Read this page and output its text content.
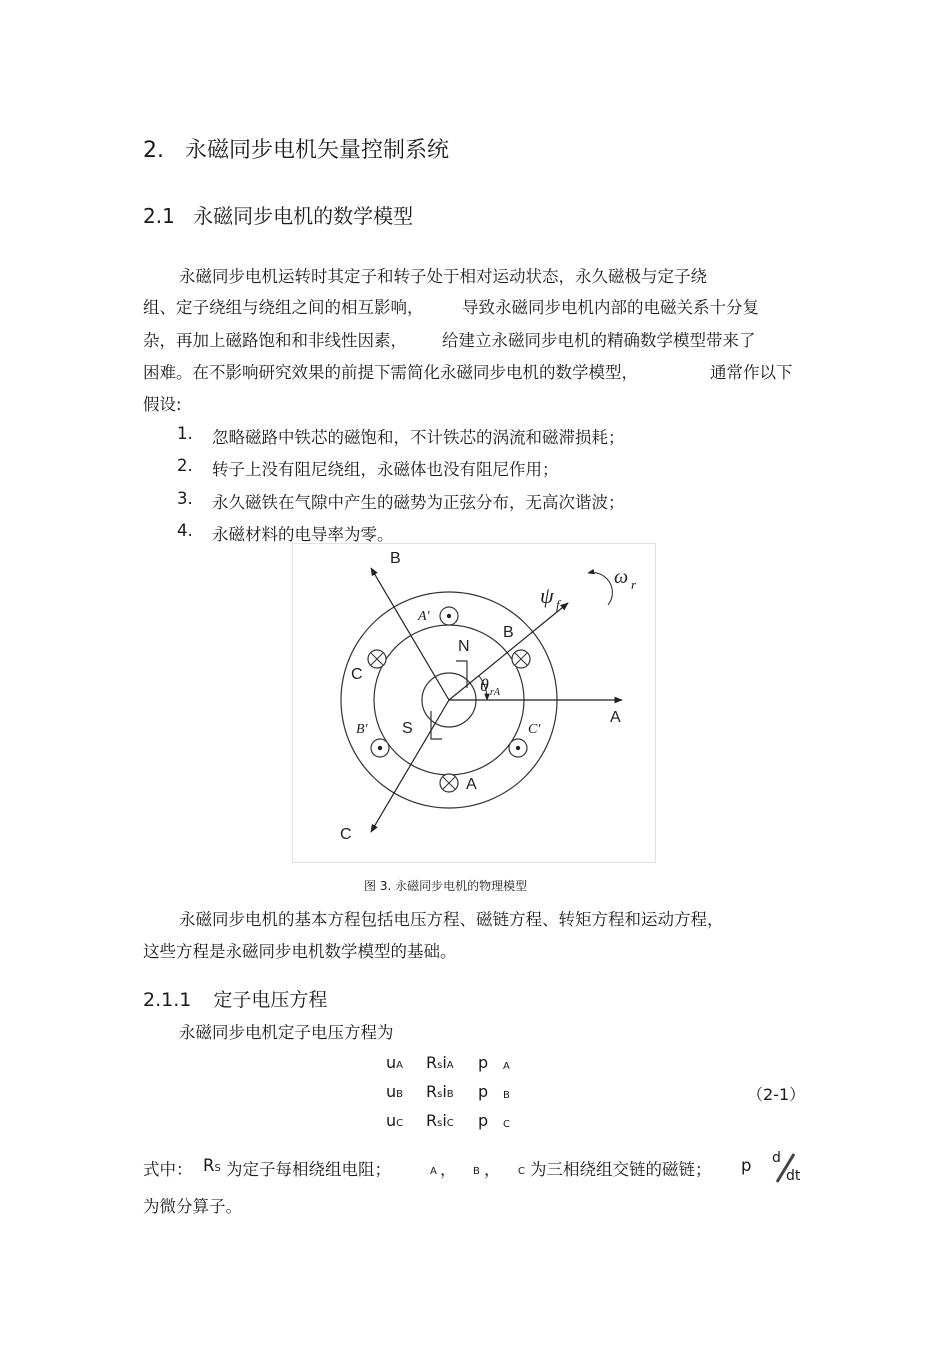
2. 永磁同步电机矢量控制系统
2.1 永磁同步电机的数学模型
永磁同步电机运转时其定子和转子处于相对运动状态，永久磁极与定子绕
组、定子绕组与绕组之间的相互影响， 导致永磁同步电机内部的电磁关系十分复
杂，再加上磁路饱和和非线性因素， 给建立永磁同步电机的精确数学模型带来了
困难。在不影响研究效果的前提下需简化永磁同步电机的数学模型，	通常作以下
假设:
1. 忽略磁路中铁芯的磁饱和，不计铁芯的涡流和磁滞损耗；
2. 转子上没有阻尼绕组，永磁体也没有阻尼作用；
3. 永久磁铁在气隙中产生的磁势为正弦分布，无高次谐波；
4. 永磁材料的电导率为零。
B
ψ f
ω r
A′
N
B
C
θ rA
A
B′ S	C′
A
C
图 3. 永磁同步电机的物理模型
永磁同步电机的基本方程包括电压方程、磁链方程、转矩方程和运动方程，
这些方程是永磁同步电机数学模型的基础。
2.1.1 定子电压方程
永磁同步电机定子电压方程为
uA RsiA p A
uB RsiB p B
uC RsiC p C
（2-1）
式中： RS 为定子每相绕组电阻；	A ， B ， C 为三相绕组交链的磁链； p d
dt
为微分算子。
